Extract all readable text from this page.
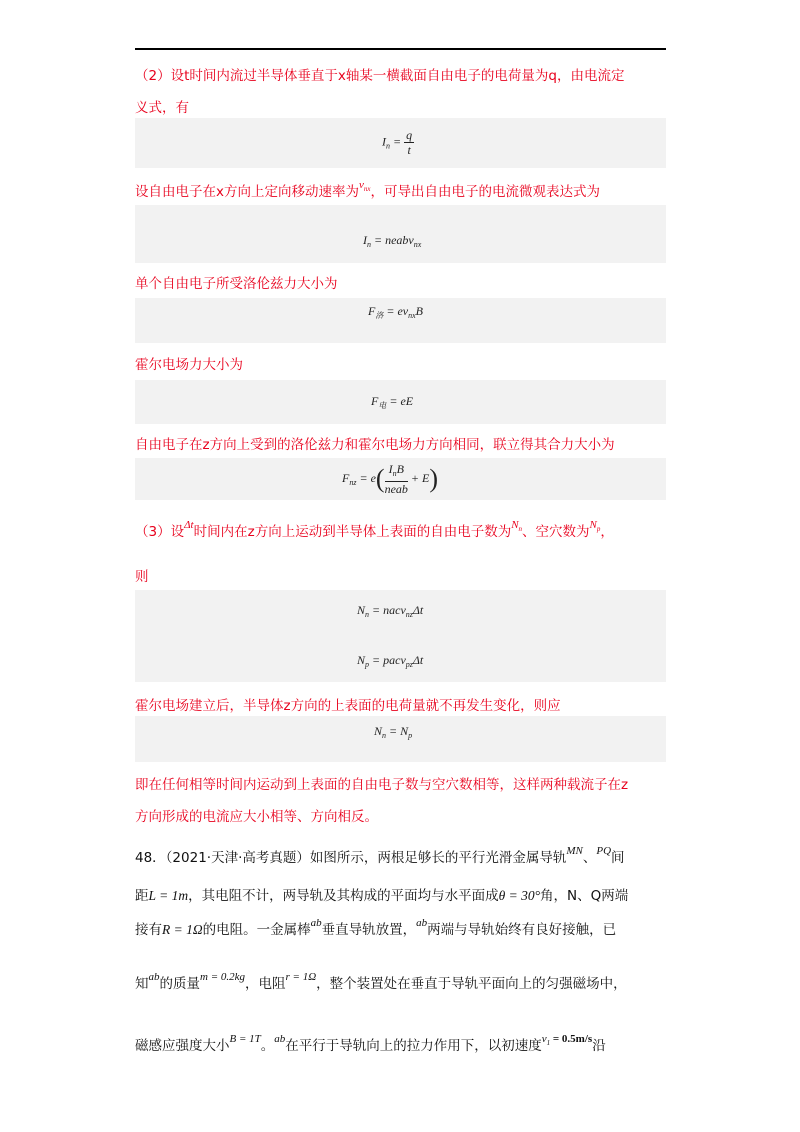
（2）设t时间内流过半导体垂直于x轴某一横截面自由电子的电荷量为q，由电流定
义式，有
$I_n = \frac{q}{t}$
设自由电子在x方向上定向移动速率为$^{v_{nx}}$，可导出自由电子的电流微观表达式为
$I_n$ = neabv$_{nx}$
单个自由电子所受洛伦兹力大小为
$F_洛 = ev_{nx}B$
霍尔电场力大小为
$F_电$ = eE
自由电子在z方向上受到的洛伦兹力和霍尔电场力方向相同，联立得其合力大小为
$F_{nz} = e( \frac{I_nB}{\text{neab}} + E)$
（3）设$^{\Delta t}$时间内在z方向上运动到半导体上表面的自由电子数为$^{N_n}$、空穴数为$^{N_p}$，
则
$N_n$ = nacv$_{nz}$Δt
$N_p$ = pacv$_{pz}$Δt
霍尔电场建立后，半导体z方向的上表面的电荷量就不再发生变化，则应
$N_n = N_p$
即在任何相等时间内运动到上表面的自由电子数与空穴数相等，这样两种载流子在z
方向形成的电流应大小相等、方向相反。
48．（2021·天津·高考真题）如图所示，两根足够长的平行光滑金属导轨$^{MN}$、$^{PQ}$间
距L = 1m，其电阻不计，两导轨及其构成的平面均与水平面成θ = 30°角，N、Q两端
接有R = 1Ω的电阻。一金属棒$^{ab}$垂直导轨放置，$^{ab}$两端与导轨始终有良好接触，已
知$^{ab}$的质量$^{m = 0.2kg}$，电阻$^{r = 1\Omega}$，整个装置处在垂直于导轨平面向上的匀强磁场中，
磁感应强度大小$^{B = 1T}$。$^{ab}$在平行于导轨向上的拉力作用下，以初速度$^{v_1 = 0.5m/s}$沿
